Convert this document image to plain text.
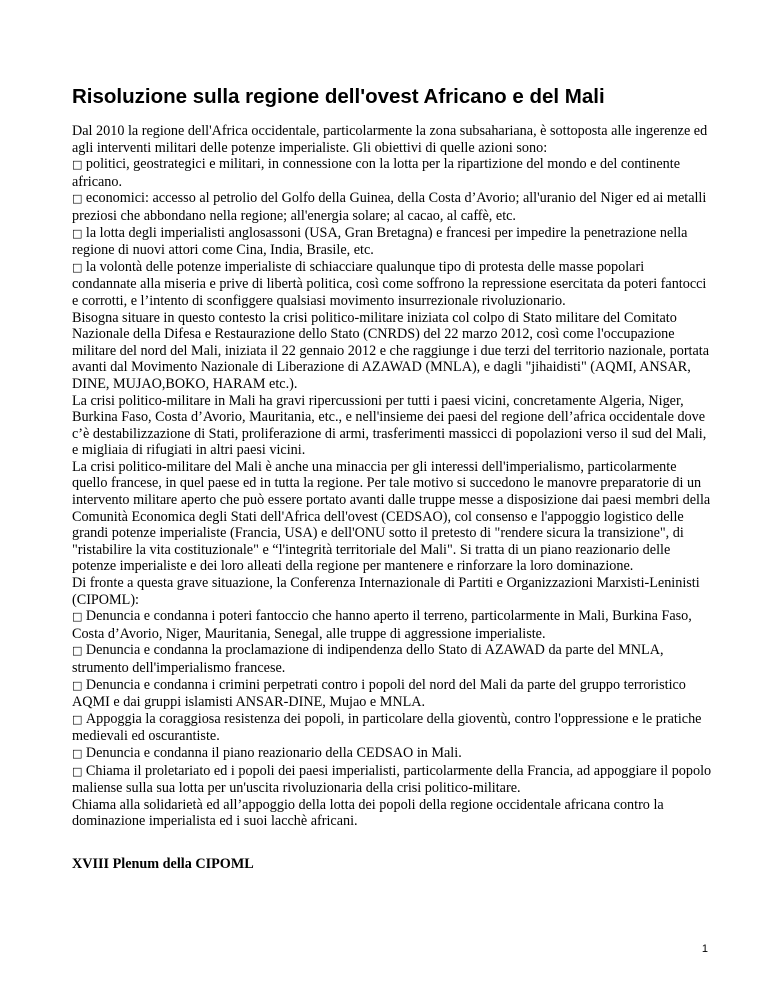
Risoluzione sulla regione dell'ovest Africano e del Mali

Dal 2010 la regione dell'Africa occidentale, particolarmente la zona subsahariana, è sottoposta alle ingerenze ed agli interventi militari delle potenze imperialiste. Gli obiettivi di quelle azioni sono:

□ politici, geostrategici e militari, in connessione con la lotta per la ripartizione del mondo e del continente africano.

□ economici: accesso al petrolio del Golfo della Guinea, della Costa d’Avorio; all'uranio del Niger ed ai metalli preziosi che abbondano nella regione; all'energia solare; al cacao, al caffè, etc.

□ la lotta degli imperialisti anglosassoni (USA, Gran Bretagna) e francesi per impedire la penetrazione nella regione di nuovi attori come Cina, India, Brasile, etc.

□ la volontà delle potenze imperialiste di schiacciare qualunque tipo di protesta delle masse popolari condannate alla miseria e prive di libertà politica, così come soffrono la repressione esercitata da poteri fantocci e corrotti, e l’intento di sconfiggere qualsiasi movimento insurrezionale rivoluzionario.

Bisogna situare in questo contesto la crisi politico-militare iniziata col colpo di Stato militare del Comitato Nazionale della Difesa e Restaurazione dello Stato (CNRDS) del 22 marzo 2012, così come l'occupazione militare del nord del Mali, iniziata il 22 gennaio 2012 e che raggiunge i due terzi del territorio nazionale, portata avanti dal Movimento Nazionale di Liberazione di AZAWAD (MNLA), e dagli "jihaidisti" (AQMI, ANSAR, DINE, MUJAO,BOKO, HARAM etc.).

La crisi politico-militare in Mali ha gravi ripercussioni per tutti i paesi vicini, concretamente Algeria, Niger, Burkina Faso, Costa d’Avorio, Mauritania, etc., e nell'insieme dei paesi del regione dell’africa occidentale dove c’è destabilizzazione di Stati, proliferazione di armi, trasferimenti massicci di popolazioni verso il sud del Mali, e migliaia di rifugiati in altri paesi vicini.

La crisi politico-militare del Mali è anche una minaccia per gli interessi dell'imperialismo, particolarmente quello francese, in quel paese ed in tutta la regione. Per tale motivo si succedono le manovre preparatorie di un intervento militare aperto che può essere portato avanti dalle truppe messe a disposizione dai paesi membri della Comunità Economica degli Stati dell'Africa dell'ovest (CEDSAO), col consenso e l'appoggio logistico delle grandi potenze imperialiste (Francia, USA) e dell'ONU sotto il pretesto di "rendere sicura la transizione", di "ristabilire la vita costituzionale" e “l'integrità territoriale del Mali". Si tratta di un piano reazionario delle potenze imperialiste e dei loro alleati della regione per mantenere e rinforzare la loro dominazione.

Di fronte a questa grave situazione, la Conferenza Internazionale di Partiti e Organizzazioni Marxisti-Leninisti (CIPOML):

□ Denuncia e condanna i poteri fantoccio che hanno aperto il terreno, particolarmente in Mali, Burkina Faso, Costa d’Avorio, Niger, Mauritania, Senegal, alle truppe di aggressione imperialiste.

□ Denuncia e condanna la proclamazione di indipendenza dello Stato di AZAWAD da parte del MNLA, strumento dell'imperialismo francese.

□ Denuncia e condanna i crimini perpetrati contro i popoli del nord del Mali da parte del gruppo terroristico AQMI e dai gruppi islamisti ANSAR-DINE, Mujao e MNLA.

□ Appoggia la coraggiosa resistenza dei popoli, in particolare della gioventù, contro l'oppressione e le pratiche medievali ed oscurantiste.

□ Denuncia e condanna il piano reazionario della CEDSAO in Mali.

□ Chiama il proletariato ed i popoli dei paesi imperialisti, particolarmente della Francia, ad appoggiare il popolo maliense sulla sua lotta per un'uscita rivoluzionaria della crisi politico-militare.

Chiama alla solidarietà ed all’appoggio della lotta dei popoli della regione occidentale africana contro la dominazione imperialista ed i suoi lacchè africani.

XVIII Plenum della CIPOML
1
